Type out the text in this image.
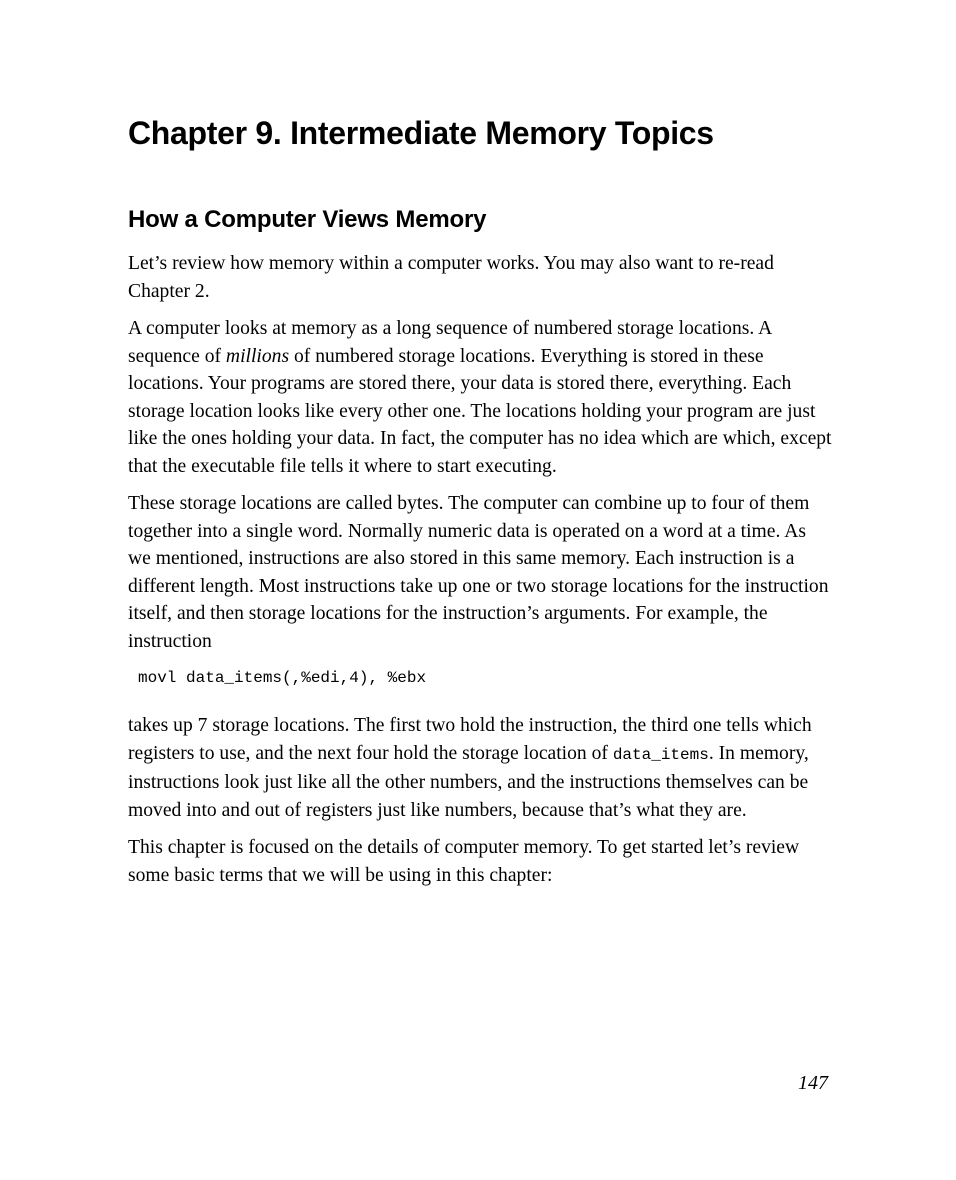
Chapter 9. Intermediate Memory Topics
How a Computer Views Memory

Let’s review how memory within a computer works. You may also want to re-read Chapter 2.

A computer looks at memory as a long sequence of numbered storage locations. A sequence of millions of numbered storage locations. Everything is stored in these locations. Your programs are stored there, your data is stored there, everything. Each storage location looks like every other one. The locations holding your program are just like the ones holding your data. In fact, the computer has no idea which are which, except that the executable file tells it where to start executing.

These storage locations are called bytes. The computer can combine up to four of them together into a single word. Normally numeric data is operated on a word at a time. As we mentioned, instructions are also stored in this same memory. Each instruction is a different length. Most instructions take up one or two storage locations for the instruction itself, and then storage locations for the instruction’s arguments. For example, the instruction

movl data_items(,%edi,4), %ebx

takes up 7 storage locations. The first two hold the instruction, the third one tells which registers to use, and the next four hold the storage location of data_items. In memory, instructions look just like all the other numbers, and the instructions themselves can be moved into and out of registers just like numbers, because that’s what they are.

This chapter is focused on the details of computer memory. To get started let’s review some basic terms that we will be using in this chapter:

147
